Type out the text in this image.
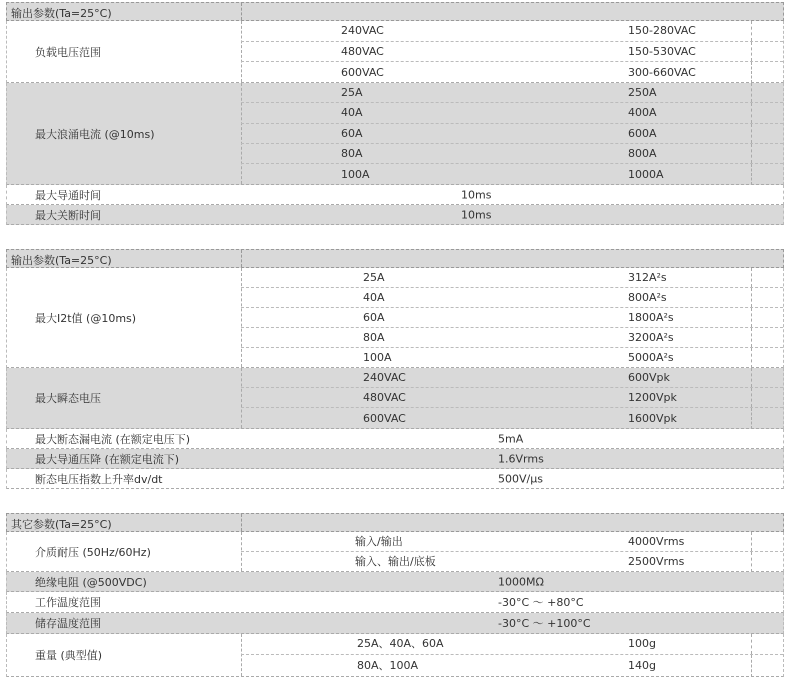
输出参数(Ta=25°C)
负载电压范围
240VAC	150-280VAC
480VAC	150-530VAC
600VAC	300-660VAC
最大浪涌电流 (@10ms)
25A	250A
40A	400A
60A	600A
80A	800A
100A	1000A
最大导通时间	10ms
最大关断时间	10ms
输出参数(Ta=25°C)
最大I2t值 (@10ms)
25A	312A²s
40A	800A²s
60A	1800A²s
80A	3200A²s
100A	5000A²s
最大瞬态电压
240VAC	600Vpk
480VAC	1200Vpk
600VAC	1600Vpk
最大断态漏电流 (在额定电压下)	5mA
最大导通压降 (在额定电流下)	1.6Vrms
断态电压指数上升率dv/dt	500V/µs
其它参数(Ta=25°C)
介质耐压 (50Hz/60Hz)
输入/输出	4000Vrms
输入、输出/底板	2500Vrms
绝缘电阻 (@500VDC)	1000MΩ
工作温度范围	-30°C ～ +80°C
储存温度范围	-30°C ～ +100°C
重量 (典型值)
25A、40A、60A	100g
80A、100A	140g
